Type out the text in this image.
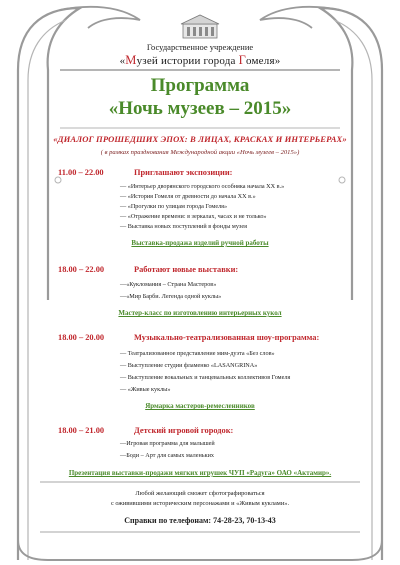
Государственное учреждение
«Музей истории города Гомеля»
Программа
«Ночь музеев – 2015»
«ДИАЛОГ ПРОШЕДШИХ ЭПОХ: В ЛИЦАХ, КРАСКАХ И ИНТЕРЬЕРАХ»
( в рамках празднования Международной акции «Ночь музеев – 2015»)
11.00 – 22.00	Приглашают экспозиции:
— «Интерьер дворянского городского особняка начала XX в.»
— «История Гомеля от древности до начала XX в.»
— «Прогулки по улицам города Гомеля»
— «Отражение времени: в зеркалах, часах и не только»
— Выставка новых поступлений в фонды музея
Выставка-продажа изделий ручной работы
18.00 – 22.00	Работают новые выставки:
—«Кукломания – Страна Мастеров»
—«Мир Барби. Легенда одной куклы»
Мастер-класс по изготовлению интерьерных кукол
18.00 – 20.00	Музыкально-театрализованная шоу-программа:
— Театрализованное представление мим-дуэта «Без слов»
— Выступление студии фламенко «LASANGRINA»
— Выступление вокальных и танцевальных коллективов Гомеля
— «Живые куклы»
Ярмарка мастеров-ремесленников
18.00 – 21.00	Детский игровой городок:
—Игровая программа для малышей
—Боди – Арт для самых маленьких
Презентация выставки-продажи мягких игрушек ЧУП «Радуга» ОАО «Актамир».
Любой желающий сможет сфотографироваться
с оживившими историческим персонажами и «Живым куклами».
Справки по телефонам: 74-28-23, 70-13-43
